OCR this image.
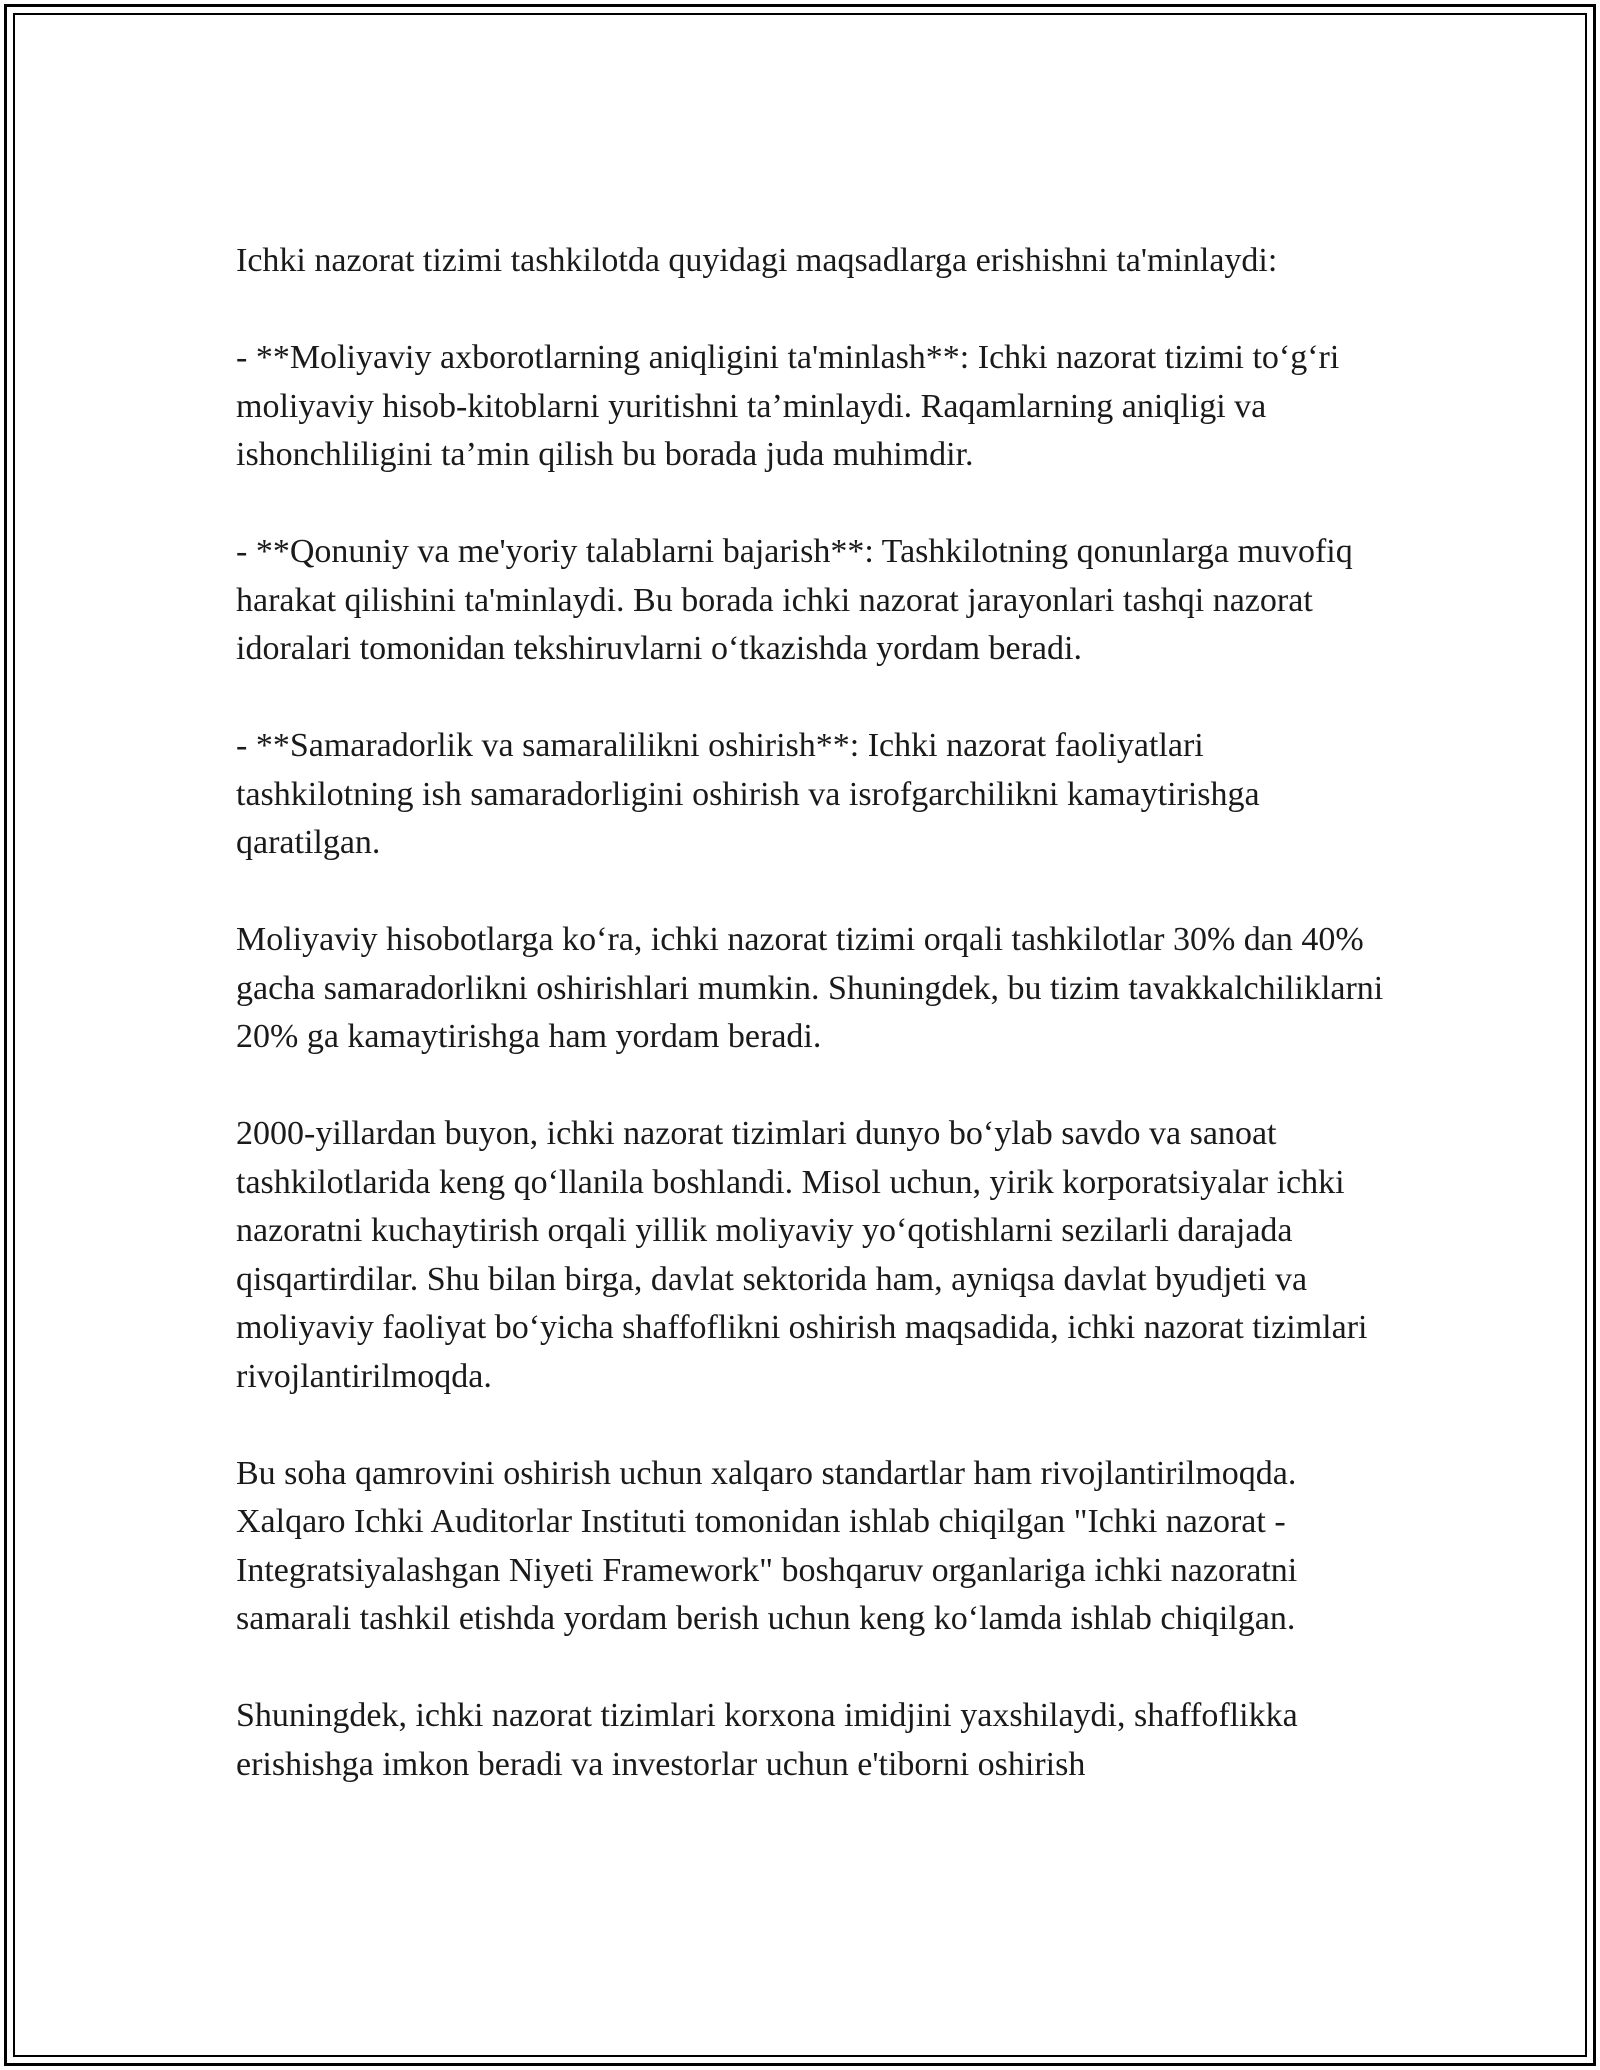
Ichki nazorat tizimi tashkilotda quyidagi maqsadlarga erishishni ta'minlaydi:

- **Moliyaviy axborotlarning aniqligini ta'minlash**: Ichki nazorat tizimi to‘g‘ri moliyaviy hisob-kitoblarni yuritishni ta’minlaydi. Raqamlarning aniqligi va ishonchliligini ta’min qilish bu borada juda muhimdir.

- **Qonuniy va me'yoriy talablarni bajarish**: Tashkilotning qonunlarga muvofiq harakat qilishini ta'minlaydi. Bu borada ichki nazorat jarayonlari tashqi nazorat idoralari tomonidan tekshiruvlarni o‘tkazishda yordam beradi.

- **Samaradorlik va samaralilikni oshirish**: Ichki nazorat faoliyatlari tashkilotning ish samaradorligini oshirish va isrofgarchilikni kamaytirishga qaratilgan.

Moliyaviy hisobotlarga ko‘ra, ichki nazorat tizimi orqali tashkilotlar 30% dan 40% gacha samaradorlikni oshirishlari mumkin. Shuningdek, bu tizim tavakkalchiliklarni 20% ga kamaytirishga ham yordam beradi.

2000-yillardan buyon, ichki nazorat tizimlari dunyo bo‘ylab savdo va sanoat tashkilotlarida keng qo‘llanila boshlandi. Misol uchun, yirik korporatsiyalar ichki nazoratni kuchaytirish orqali yillik moliyaviy yo‘qotishlarni sezilarli darajada qisqartirdilar. Shu bilan birga, davlat sektorida ham, ayniqsa davlat byudjeti va moliyaviy faoliyat bo‘yicha shaffoflikni oshirish maqsadida, ichki nazorat tizimlari rivojlantirilmoqda.

Bu soha qamrovini oshirish uchun xalqaro standartlar ham rivojlantirilmoqda. Xalqaro Ichki Auditorlar Instituti tomonidan ishlab chiqilgan "Ichki nazorat - Integratsiyalashgan Niyeti Framework" boshqaruv organlariga ichki nazoratni samarali tashkil etishda yordam berish uchun keng ko‘lamda ishlab chiqilgan.

Shuningdek, ichki nazorat tizimlari korxona imidjini yaxshilaydi, shaffoflikka erishishga imkon beradi va investorlar uchun e'tiborni oshirish
